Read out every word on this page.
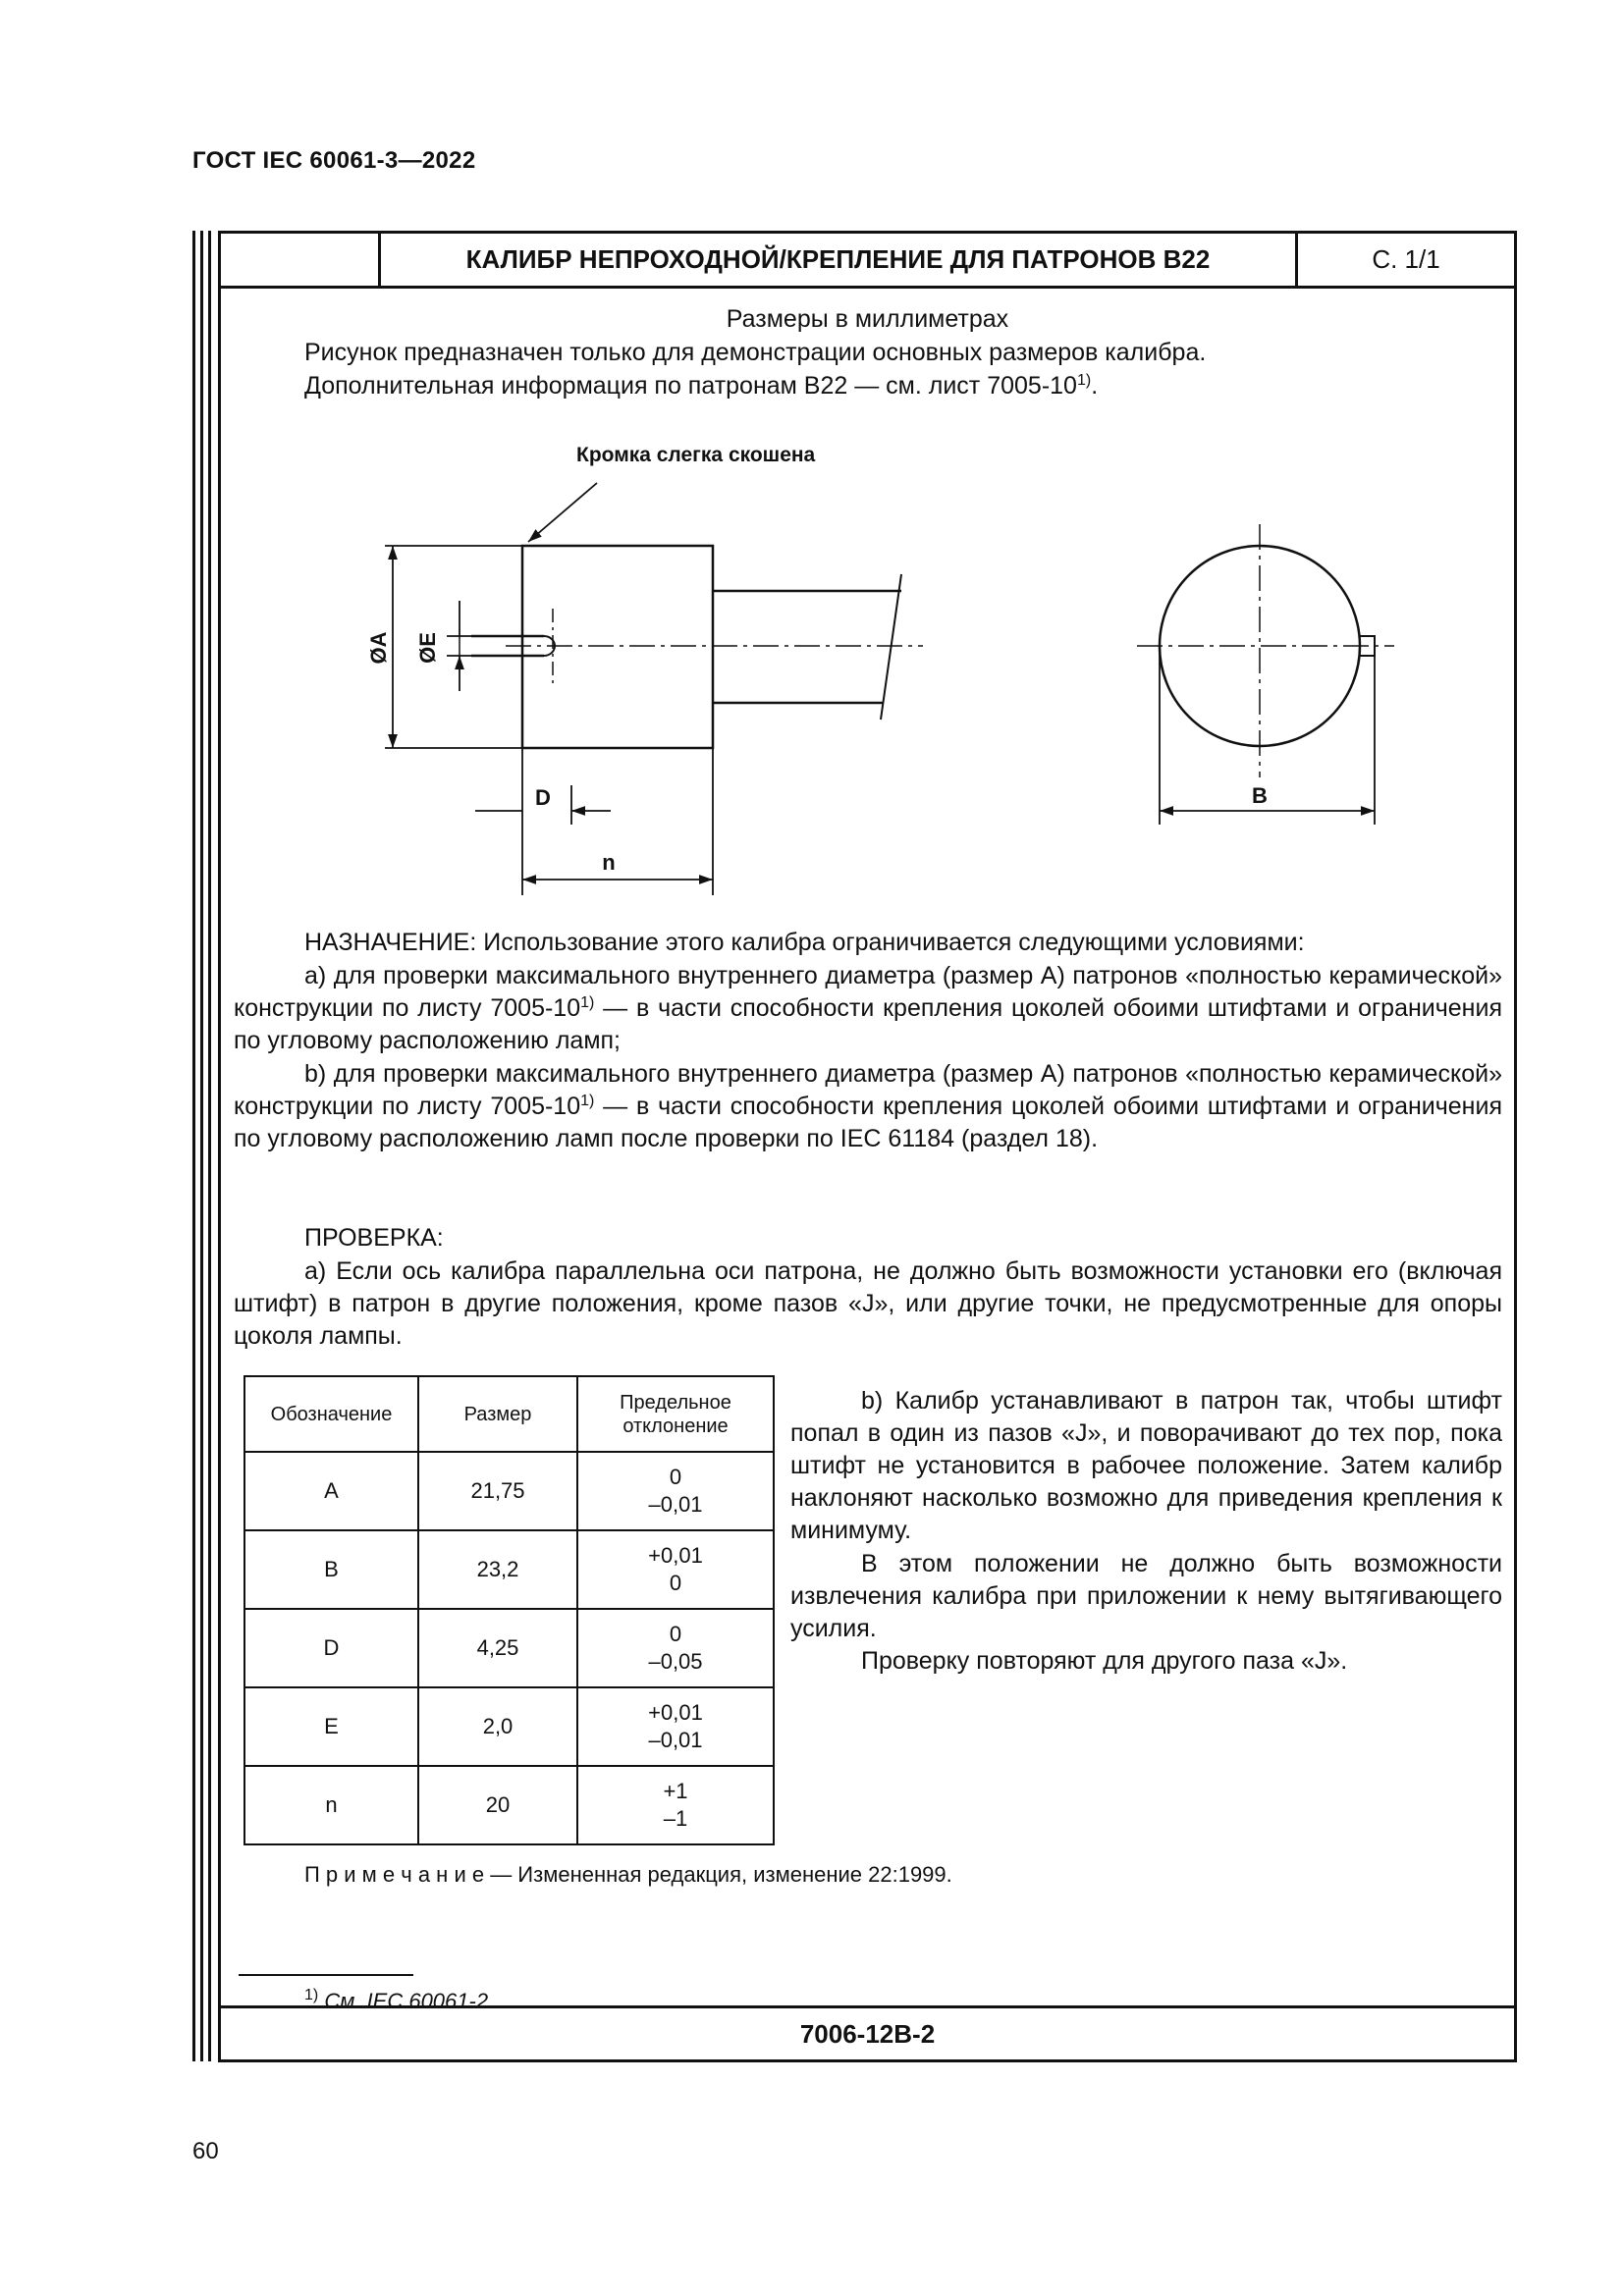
ГОСТ IEC 60061-3—2022
КАЛИБР НЕПРОХОДНОЙ/КРЕПЛЕНИЕ ДЛЯ ПАТРОНОВ B22	С. 1/1
7006-12B-2
Размеры в миллиметрах
Рисунок предназначен только для демонстрации основных размеров калибра.
Дополнительная информация по патронам B22 — см. лист 7005-10$^{1)}$.
Кромка слегка скошена
ØA ØE
D
n
B
НАЗНАЧЕНИЕ: Использование этого калибра ограничивается следующими условиями:
a) для проверки максимального внутреннего диаметра (размер A) патронов «полностью керамической» конструкции по листу 7005-10$^{1)}$ — в части способности крепления цоколей обоими штифтами и ограничения по угловому расположению ламп;
b) для проверки максимального внутреннего диаметра (размер A) патронов «полностью керамической» конструкции по листу 7005-10$^{1)}$ — в части способности крепления цоколей обоими штифтами и ограничения по угловому расположению ламп после проверки по IEC 61184 (раздел 18).
ПРОВЕРКА:
a) Если ось калибра параллельна оси патрона, не должно быть возможности установки его (включая штифт) в патрон в другие положения, кроме пазов «J», или другие точки, не предусмотренные для опоры цоколя лампы.
Обозначение	Размер	Предельное отклонение
A	21,75	0
–0,01

B	23,2	+0,01
0

D	4,25	0
–0,05

E	2,0	+0,01
–0,01

n	20	+1
–1
b) Калибр устанавливают в патрон так, чтобы штифт попал в один из пазов «J», и поворачивают до тех пор, пока штифт не установится в рабочее положение. Затем калибр наклоняют насколько возможно для приведения крепления к минимуму.
В этом положении не должно быть возможности извлечения калибра при приложении к нему вытягивающего усилия.
Проверку повторяют для другого паза «J».
П р и м е ч а н и е — Измененная редакция, изменение 22:1999.
$^{1)}$ См. IEC 60061-2.
60
